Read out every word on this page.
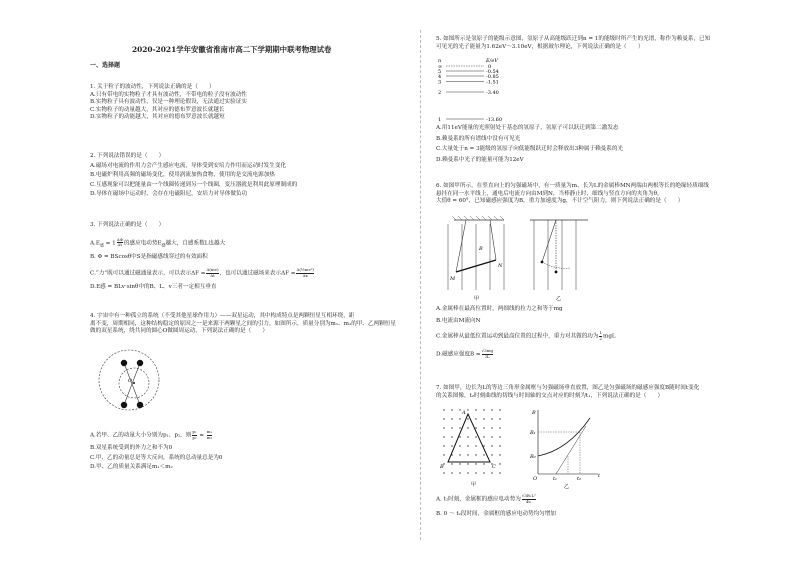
2020-2021学年安徽省淮南市高二下学期期中联考物理试卷
一、选择题
1. 关于粒子的波动性，下列说法正确的是（　　）
A.只有带电的实物粒子才具有波动性，不带电的粒子没有波动性
B.实物粒子具有波动性，仅是一种理论假设，无法通过实验证实
C.实物粒子的动量越大，其对应的德布罗意波长就越长
D.实物粒子的动能越大，其对应的德布罗意波长就越短
2. 下列说法错误的是（　　）
A.磁场对电流的作用力会产生感应电流，导体受到安培力作用而运动时发生变化
B.电磁炉利用高频的磁场变化，使用涡流加热食物，使用的是交流电源加热
C.互感现象可以把能量由一个线圈传递到另一个线圈，变压器就是利用此原理制成的
D.导体在磁场中运动时，会存在电磁阻尼，安培力对导体做负功
3. 下列说法正确的是（　　）
$A.E_感 = 1 \frac{\Delta\Phi}{\Delta t}$ 的感应电动势$E_感$越大，自感系数L也越大
B. Φ = BScosθ中S是指磁感线穿过的有效面积
C.“力”既可以通过磁通量表示，可以表示$\Delta F = \frac{\Delta(mv)}{\Delta t}$ ，也可以通过磁场来表示$\Delta F = \frac{\text{Δ(½mv²)}}{\Delta x}$
D.E感 = BLv·sinθ中的B、L、v三者一定相互垂直
4. 宇宙中有一种孤立的系统（不受其他星球作用力）——双星运动，其中构成特点是两颗恒星互相环绕，距
离不变，周期相同，这种结构稳定的原因之一是来源于两颗星之间的引力，如图所示，质量分别为m₁、m₂的甲、乙两颗恒星
做的双星系统，绕共同的圆心O做圆周运动，下列说法正确的是（　　）
O
A.若甲、乙的动量大小分别为p₁、p₂，则 $\frac{\text{p₁}}{\text{p₂}} = \frac{\text{m₁}}{\text{m₂}}$
B.双星系统受到的外力之和不为0
C.甲、乙的动量总是等大反向，系统的总动量总是为0
D.甲、乙的质量关系满足m₁＜m₂
5. 如图所示是氢原子的能级示意图，氢原子从高能级跃迁到n = 1的能级时所产生的光谱，称作为赖曼系，已知
可见光的光子能量为1.62eV～3.10eV，根据玻尔理论，下列说法正确的是（　　）
n	E/eV
∞	0
5	-0.54
4	-0.85
3	-1.51
2	-3.40
1	-13.60
A.用11eV能量的光照射处于基态的氢原子，氢原子可以跃迁到第二激发态
B.赖曼系的所有谱线中没有可见光
C.大量处于n = 3能级的氢原子向低能级跃迁时会释放出3种属于赖曼系的光
D.赖曼系中光子的能量可能为12eV
6. 如图甲所示，在竖直向上的匀强磁场中，有一质量为m、长为L的金属棒MN两端由两根等长的绝缘轻质细线
悬挂在同一水平线上，通电后电流方向由M到N，当棒静止时，细线与竖直方向的夹角为θ，
大值θ = 60°，已知磁感应强度为B，重力加速度为g，不计空气阻力，则下列说法正确的是（　　）
M
N
B
甲	乙
A.金属棒在最高位置时，两细线的拉力之和等于mg
B.电流由M流向N
C.金属棒从最低位置运动到最高位置的过程中，重力对其做的功为 $\frac{1}{2}$ mgL
D.磁感应强度$B = \frac{√3mg}{IL}$
7. 如图甲，边长为L的等边三角形金属框与匀强磁场垂直放置，图乙是匀强磁场的磁感应强度B随时间t变化
的关系图像，t₂时刻曲线的切线与时间轴的交点对应的时刻为t₁，下列说法正确的是（　　）
A
B	C
甲
B
B₁
B₀
O	t₁	t₂	t
乙
A. t₂时刻，金属框的感应电动势为 $\frac{\text{√3B₁L²}}{\text{4t₁}}$
B. 0 ～ t₂段时间，金属框的感应电动势均匀增加
